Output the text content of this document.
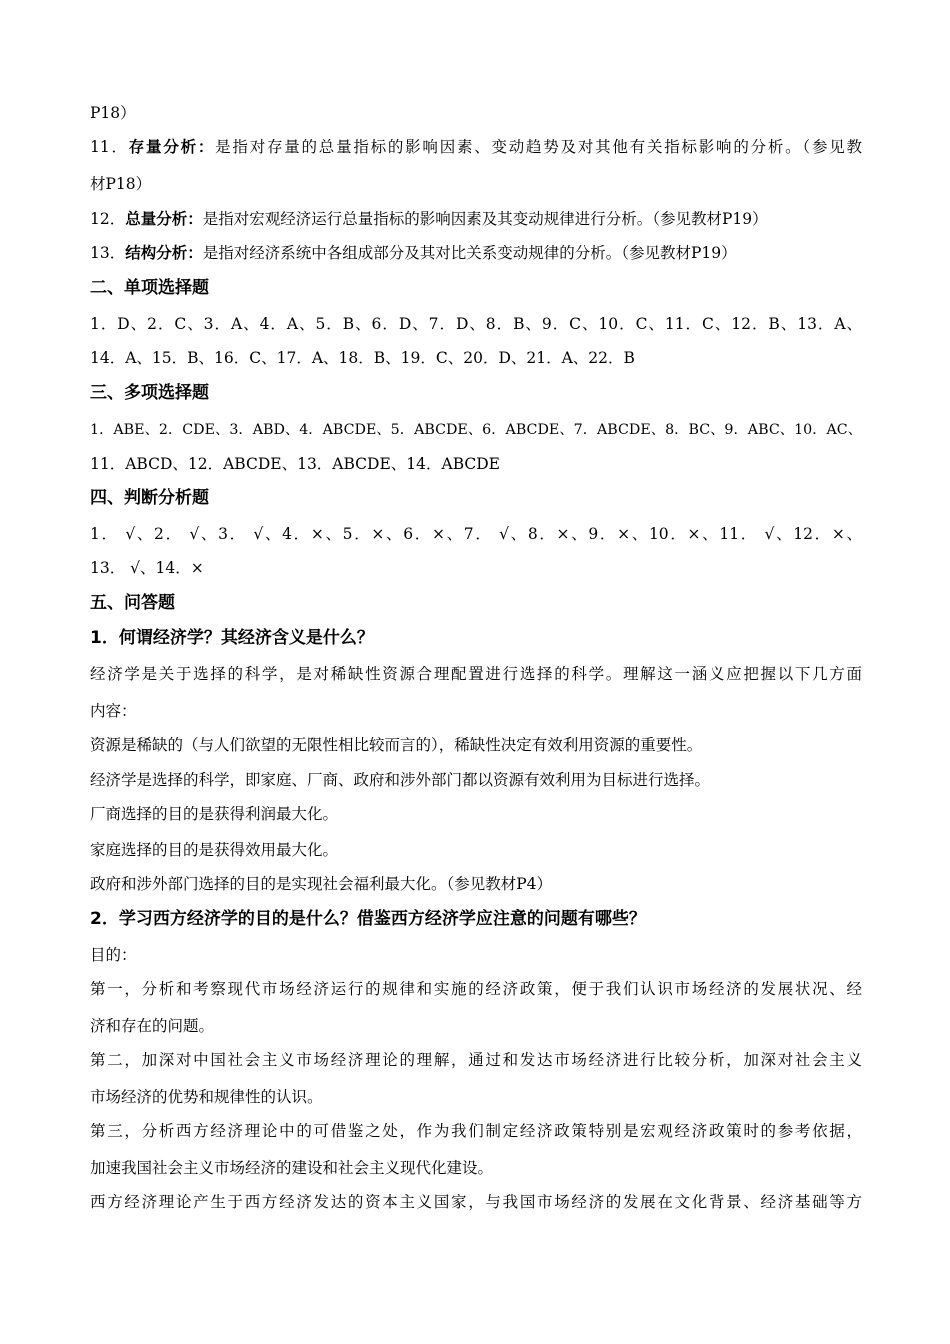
P18）
11．存量分析：是指对存量的总量指标的影响因素、变动趋势及对其他有关指标影响的分析。（参见教
材P18）
12．总量分析：是指对宏观经济运行总量指标的影响因素及其变动规律进行分析。（参见教材P19）
13．结构分析：是指对经济系统中各组成部分及其对比关系变动规律的分析。（参见教材P19）
二、单项选择题
1．D、2．C、3．A、4．A、5．B、6．D、7．D、8．B、9．C、10．C、11．C、12．B、13．A、
14．A、15．B、16．C、17．A、18．B、19．C、20．D、21．A、22．B
三、多项选择题
1．ABE、2．CDE、3．ABD、4．ABCDE、5．ABCDE、6．ABCDE、7．ABCDE、8．BC、9．ABC、10．AC、
11．ABCD、12．ABCDE、13．ABCDE、14．ABCDE
四、判断分析题
1． √、2． √、3． √、4．×、5．×、6．×、7． √、8．×、9．×、10．×、11． √、12．×、
13． √、14．×
五、问答题
1．何谓经济学？其经济含义是什么？
经济学是关于选择的科学，是对稀缺性资源合理配置进行选择的科学。理解这一涵义应把握以下几方面
内容：
资源是稀缺的（与人们欲望的无限性相比较而言的），稀缺性决定有效利用资源的重要性。
经济学是选择的科学，即家庭、厂商、政府和涉外部门都以资源有效利用为目标进行选择。
厂商选择的目的是获得利润最大化。
家庭选择的目的是获得效用最大化。
政府和涉外部门选择的目的是实现社会福利最大化。（参见教材P4）
2．学习西方经济学的目的是什么？借鉴西方经济学应注意的问题有哪些？
目的：
第一，分析和考察现代市场经济运行的规律和实施的经济政策，便于我们认识市场经济的发展状况、经
济和存在的问题。
第二，加深对中国社会主义市场经济理论的理解，通过和发达市场经济进行比较分析，加深对社会主义
市场经济的优势和规律性的认识。
第三，分析西方经济理论中的可借鉴之处，作为我们制定经济政策特别是宏观经济政策时的参考依据，
加速我国社会主义市场经济的建设和社会主义现代化建设。
西方经济理论产生于西方经济发达的资本主义国家，与我国市场经济的发展在文化背景、经济基础等方
